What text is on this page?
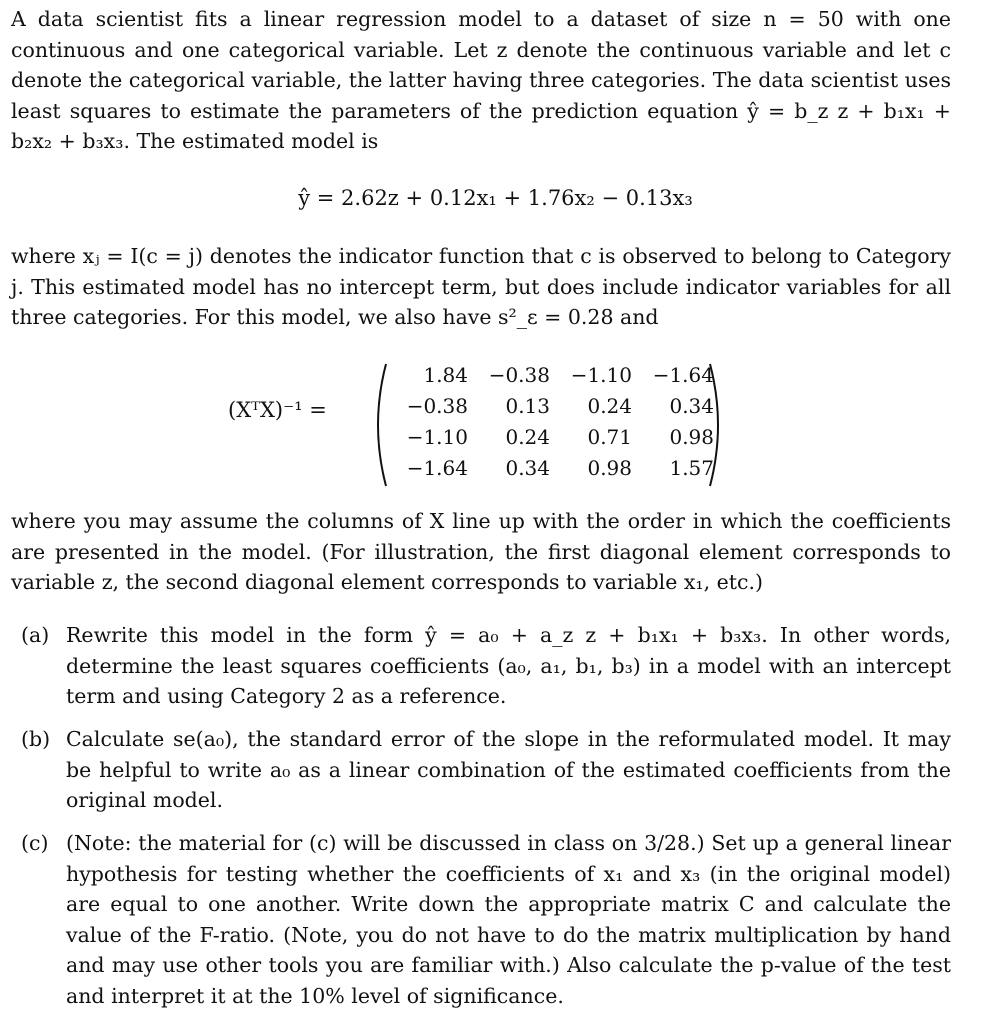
A data scientist fits a linear regression model to a dataset of size n = 50 with one continuous and one categorical variable. Let z denote the continuous variable and let c denote the categorical variable, the latter having three categories. The data scientist uses least squares to estimate the parameters of the prediction equation ŷ = b_z z + b₁x₁ + b₂x₂ + b₃x₃. The estimated model is
ŷ = 2.62z + 0.12x₁ + 1.76x₂ − 0.13x₃
where xⱼ = I(c = j) denotes the indicator function that c is observed to belong to Category j. This estimated model has no intercept term, but does include indicator variables for all three categories. For this model, we also have s²_ε = 0.28 and
(XᵀX)⁻¹ =
1.84	−0.38	−1.10	−1.64
−0.38	0.13	0.24	0.34
−1.10	0.24	0.71	0.98
−1.64	0.34	0.98	1.57
where you may assume the columns of X line up with the order in which the coefficients are presented in the model. (For illustration, the first diagonal element corresponds to variable z, the second diagonal element corresponds to variable x₁, etc.)
(a) Rewrite this model in the form ŷ = a₀ + a_z z + b₁x₁ + b₃x₃. In other words, determine the least squares coefficients (a₀, a₁, b₁, b₃) in a model with an intercept term and using Category 2 as a reference.
(b) Calculate se(a₀), the standard error of the slope in the reformulated model. It may be helpful to write a₀ as a linear combination of the estimated coefficients from the original model.
(c) (Note: the material for (c) will be discussed in class on 3/28.) Set up a general linear hypothesis for testing whether the coefficients of x₁ and x₃ (in the original model) are equal to one another. Write down the appropriate matrix C and calculate the value of the F-ratio. (Note, you do not have to do the matrix multiplication by hand and may use other tools you are familiar with.) Also calculate the p-value of the test and interpret it at the 10% level of significance.
